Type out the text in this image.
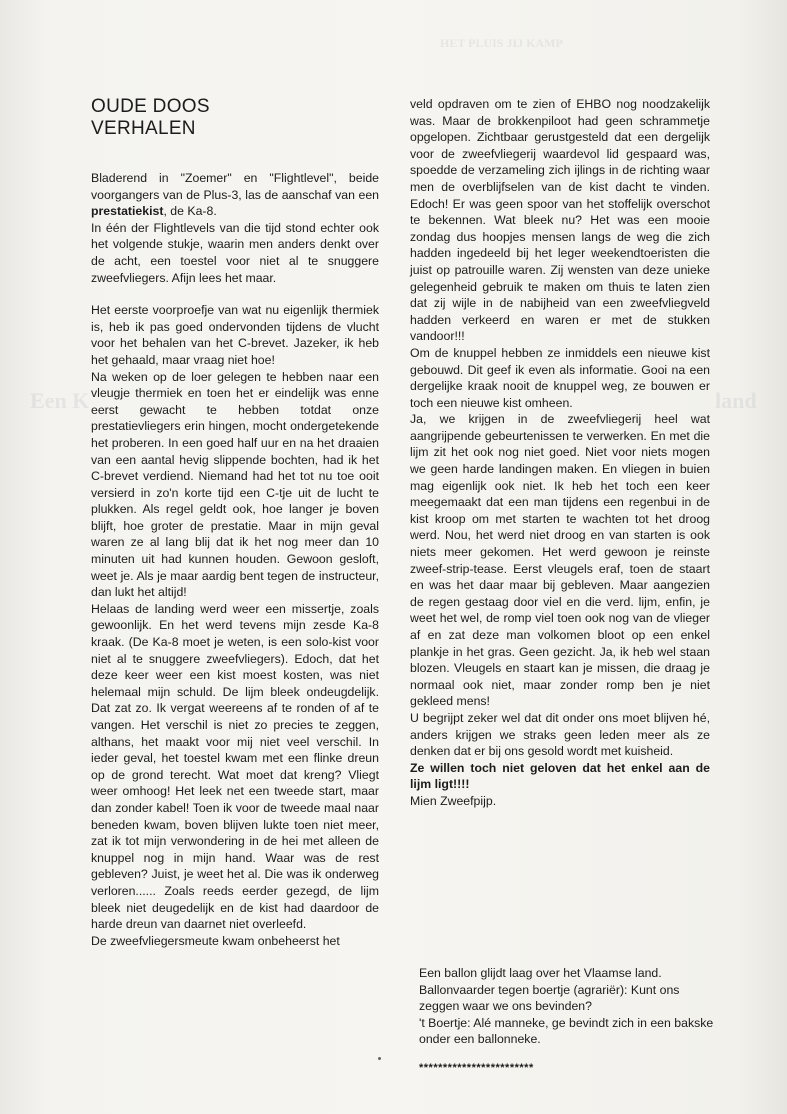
HET PLUIS JIJ KAMP
Een K	land
OUDE DOOS
VERHALEN

Bladerend in "Zoemer" en "Flightlevel", beide voorgangers van de Plus-3, las de aanschaf van een prestatiekist, de Ka-8.

In één der Flightlevels van die tijd stond echter ook het volgende stukje, waarin men anders denkt over de acht, een toestel voor niet al te snuggere zweefvliegers. Afijn lees het maar.

Het eerste voorproefje van wat nu eigenlijk thermiek is, heb ik pas goed ondervonden tijdens de vlucht voor het behalen van het C-brevet. Jazeker, ik heb het gehaald, maar vraag niet hoe!

Na weken op de loer gelegen te hebben naar een vleugje thermiek en toen het er eindelijk was enne eerst gewacht te hebben totdat onze prestatievliegers erin hingen, mocht ondergetekende het proberen. In een goed half uur en na het draaien van een aantal hevig slippende bochten, had ik het C-brevet verdiend. Niemand had het tot nu toe ooit versierd in zo'n korte tijd een C-tje uit de lucht te plukken. Als regel geldt ook, hoe langer je boven blijft, hoe groter de prestatie. Maar in mijn geval waren ze al lang blij dat ik het nog meer dan 10 minuten uit had kunnen houden. Gewoon gesloft, weet je. Als je maar aardig bent tegen de instructeur, dan lukt het altijd!

Helaas de landing werd weer een missertje, zoals gewoonlijk. En het werd tevens mijn zesde Ka-8 kraak. (De Ka-8 moet je weten, is een solo-kist voor niet al te snuggere zweefvliegers). Edoch, dat het deze keer weer een kist moest kosten, was niet helemaal mijn schuld. De lijm bleek ondeugdelijk. Dat zat zo. Ik vergat weereens af te ronden of af te vangen. Het verschil is niet zo precies te zeggen, althans, het maakt voor mij niet veel verschil. In ieder geval, het toestel kwam met een flinke dreun op de grond terecht. Wat moet dat kreng? Vliegt weer omhoog! Het leek net een tweede start, maar dan zonder kabel! Toen ik voor de tweede maal naar beneden kwam, boven blijven lukte toen niet meer, zat ik tot mijn verwondering in de hei met alleen de knuppel nog in mijn hand. Waar was de rest gebleven? Juist, je weet het al. Die was ik onderweg verloren...... Zoals reeds eerder gezegd, de lijm bleek niet deugedelijk en de kist had daardoor de harde dreun van daarnet niet overleefd.

De zweefvliegersmeute kwam onbeheerst het

veld opdraven om te zien of EHBO nog noodzakelijk was. Maar de brokkenpiloot had geen schrammetje opgelopen. Zichtbaar gerustgesteld dat een dergelijk voor de zweefvliegerij waardevol lid gespaard was, spoedde de verzameling zich ijlings in de richting waar men de overblijfselen van de kist dacht te vinden. Edoch! Er was geen spoor van het stoffelijk overschot te bekennen. Wat bleek nu? Het was een mooie zondag dus hoopjes mensen langs de weg die zich hadden ingedeeld bij het leger weekendtoeristen die juist op patrouille waren. Zij wensten van deze unieke gelegenheid gebruik te maken om thuis te laten zien dat zij wijle in de nabijheid van een zweefvliegveld hadden verkeerd en waren er met de stukken vandoor!!!

Om de knuppel hebben ze inmiddels een nieuwe kist gebouwd. Dit geef ik even als informatie. Gooi na een dergelijke kraak nooit de knuppel weg, ze bouwen er toch een nieuwe kist omheen.

Ja, we krijgen in de zweefvliegerij heel wat aangrijpende gebeurtenissen te verwerken. En met die lijm zit het ook nog niet goed. Niet voor niets mogen we geen harde landingen maken. En vliegen in buien mag eigenlijk ook niet. Ik heb het toch een keer meegemaakt dat een man tijdens een regenbui in de kist kroop om met starten te wachten tot het droog werd. Nou, het werd niet droog en van starten is ook niets meer gekomen. Het werd gewoon je reinste zweef-strip-tease. Eerst vleugels eraf, toen de staart en was het daar maar bij gebleven. Maar aangezien de regen gestaag door viel en die verd. lijm, enfin, je weet het wel, de romp viel toen ook nog van de vlieger af en zat deze man volkomen bloot op een enkel plankje in het gras. Geen gezicht. Ja, ik heb wel staan blozen. Vleugels en staart kan je missen, die draag je normaal ook niet, maar zonder romp ben je niet gekleed mens!

U begrijpt zeker wel dat dit onder ons moet blijven hé, anders krijgen we straks geen leden meer als ze denken dat er bij ons gesold wordt met kuisheid.

Ze willen toch niet geloven dat het enkel aan de lijm ligt!!!!

Mien Zweefpijp.

Een ballon glijdt laag over het Vlaamse land.

Ballonvaarder tegen boertje (agrariër): Kunt ons zeggen waar we ons bevinden?

't Boertje: Alé manneke, ge bevindt zich in een bakske onder een ballonneke.

************************
